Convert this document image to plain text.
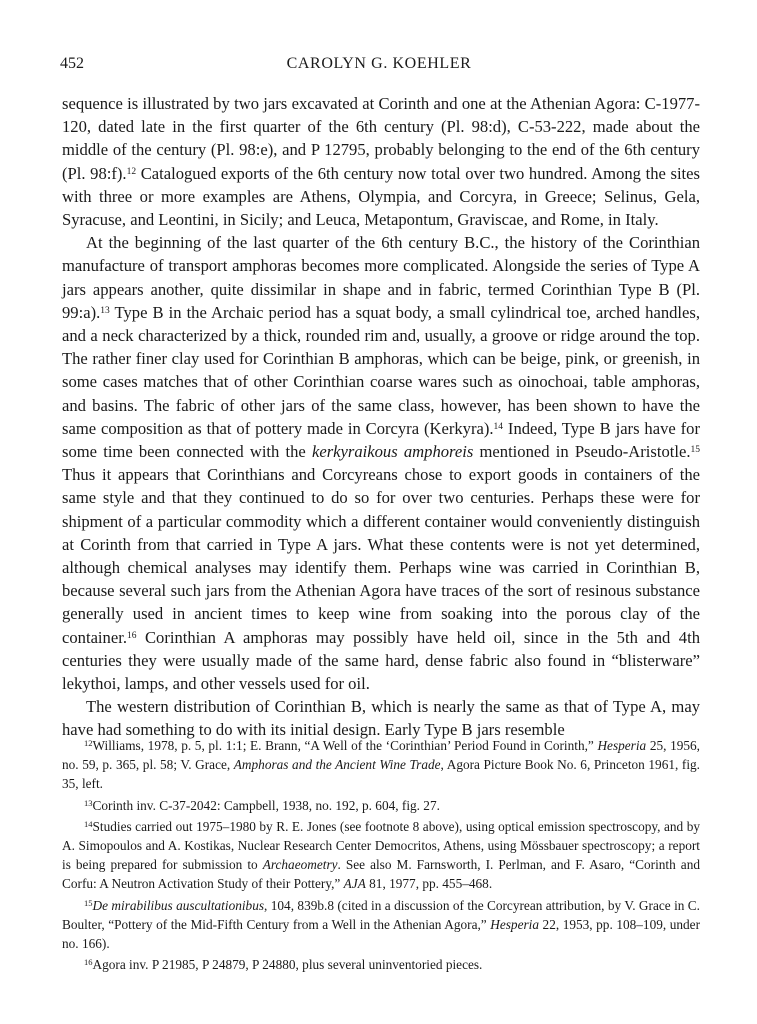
452	CAROLYN G. KOEHLER

sequence is illustrated by two jars excavated at Corinth and one at the Athenian Agora: C-1977-120, dated late in the first quarter of the 6th century (Pl. 98:d), C-53-222, made about the middle of the century (Pl. 98:e), and P 12795, probably belonging to the end of the 6th century (Pl. 98:f).$^{12}$ Catalogued exports of the 6th century now total over two hundred. Among the sites with three or more examples are Athens, Olympia, and Corcyra, in Greece; Selinus, Gela, Syracuse, and Leontini, in Sicily; and Leuca, Metapontum, Graviscae, and Rome, in Italy.

At the beginning of the last quarter of the 6th century B.C., the history of the Corinthian manufacture of transport amphoras becomes more complicated. Alongside the series of Type A jars appears another, quite dissimilar in shape and in fabric, termed Corinthian Type B (Pl. 99:a).$^{13}$ Type B in the Archaic period has a squat body, a small cylindrical toe, arched handles, and a neck characterized by a thick, rounded rim and, usually, a groove or ridge around the top. The rather finer clay used for Corinthian B amphoras, which can be beige, pink, or greenish, in some cases matches that of other Corinthian coarse wares such as oinochoai, table amphoras, and basins. The fabric of other jars of the same class, however, has been shown to have the same composition as that of pottery made in Corcyra (Kerkyra).$^{14}$ Indeed, Type B jars have for some time been connected with the kerkyraikous amphoreis mentioned in Pseudo-Aristotle.$^{15}$ Thus it appears that Corinthians and Corcyreans chose to export goods in containers of the same style and that they continued to do so for over two centuries. Perhaps these were for shipment of a particular commodity which a different container would conveniently distinguish at Corinth from that carried in Type A jars. What these contents were is not yet determined, although chemical analyses may identify them. Perhaps wine was carried in Corinthian B, because several such jars from the Athenian Agora have traces of the sort of resinous substance generally used in ancient times to keep wine from soaking into the porous clay of the container.$^{16}$ Corinthian A amphoras may possibly have held oil, since in the 5th and 4th centuries they were usually made of the same hard, dense fabric also found in “blisterware” lekythoi, lamps, and other vessels used for oil.

The western distribution of Corinthian B, which is nearly the same as that of Type A, may have had something to do with its initial design. Early Type B jars resemble

$^{12}$Williams, 1978, p. 5, pl. 1:1; E. Brann, “A Well of the ‘Corinthian’ Period Found in Corinth,” Hesperia 25, 1956, no. 59, p. 365, pl. 58; V. Grace, Amphoras and the Ancient Wine Trade, Agora Picture Book No. 6, Princeton 1961, fig. 35, left.

$^{13}$Corinth inv. C-37-2042: Campbell, 1938, no. 192, p. 604, fig. 27.

$^{14}$Studies carried out 1975–1980 by R. E. Jones (see footnote 8 above), using optical emission spectroscopy, and by A. Simopoulos and A. Kostikas, Nuclear Research Center Democritos, Athens, using Mössbauer spectroscopy; a report is being prepared for submission to Archaeometry. See also M. Farnsworth, I. Perlman, and F. Asaro, “Corinth and Corfu: A Neutron Activation Study of their Pottery,” AJA 81, 1977, pp. 455–468.

$^{15}$De mirabilibus auscultationibus, 104, 839b.8 (cited in a discussion of the Corcyrean attribution, by V. Grace in C. Boulter, “Pottery of the Mid-Fifth Century from a Well in the Athenian Agora,” Hesperia 22, 1953, pp. 108–109, under no. 166).

$^{16}$Agora inv. P 21985, P 24879, P 24880, plus several uninventoried pieces.
